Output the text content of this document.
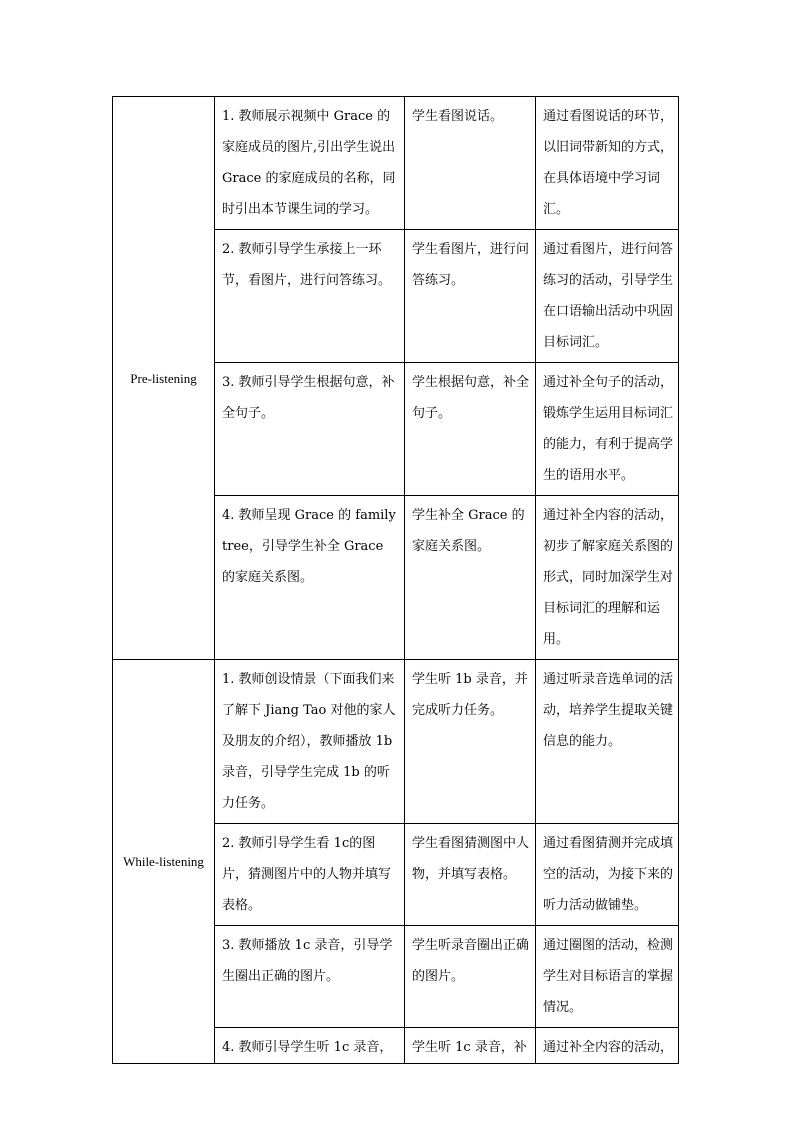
Pre-listening	1. 教师展示视频中 Grace 的家庭成员的图片,引出学生说出 Grace 的家庭成员的名称，同时引出本节课生词的学习。	学生看图说话。	通过看图说话的环节，以旧词带新知的方式，在具体语境中学习词汇。
	2. 教师引导学生承接上一环节，看图片，进行问答练习。	学生看图片，进行问答练习。	通过看图片，进行问答练习的活动，引导学生在口语输出活动中巩固目标词汇。
	3. 教师引导学生根据句意，补全句子。	学生根据句意，补全句子。	通过补全句子的活动，锻炼学生运用目标词汇的能力，有利于提高学生的语用水平。
	4. 教师呈现 Grace 的 family tree，引导学生补全 Grace 的家庭关系图。	学生补全 Grace 的家庭关系图。	通过补全内容的活动，初步了解家庭关系图的形式，同时加深学生对目标词汇的理解和运用。
While-listening	1. 教师创设情景（下面我们来了解下 Jiang Tao 对他的家人及朋友的介绍），教师播放 1b 录音，引导学生完成 1b 的听力任务。	学生听 1b 录音，并完成听力任务。	通过听录音选单词的活动，培养学生提取关键信息的能力。
	2. 教师引导学生看 1c的图片，猜测图片中的人物并填写表格。	学生看图猜测图中人物，并填写表格。	通过看图猜测并完成填空的活动，为接下来的听力活动做铺垫。
	3. 教师播放 1c 录音，引导学生圈出正确的图片。	学生听录音圈出正确的图片。	通过圈图的活动，检测学生对目标语言的掌握情况。
	4. 教师引导学生听 1c 录音，	学生听 1c 录音，补	通过补全内容的活动，
